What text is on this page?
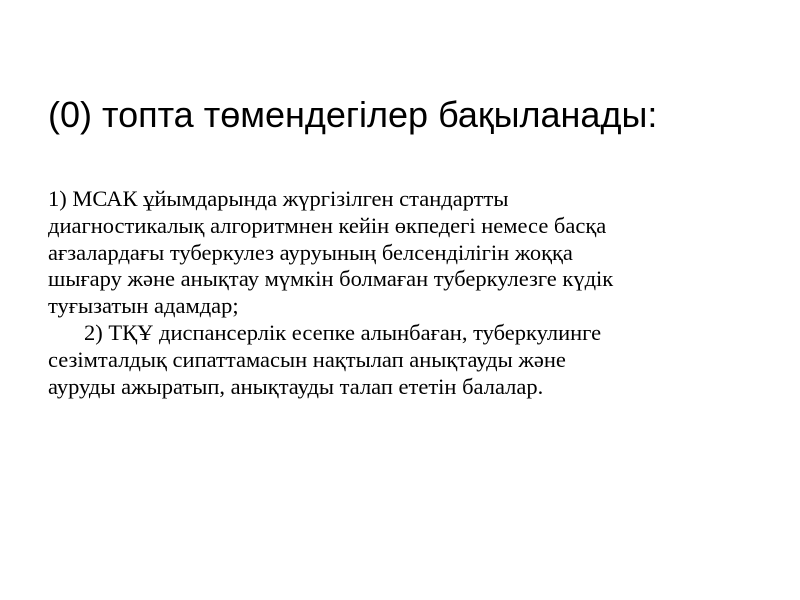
(0) топта төмендегілер бақыланады:
1) МСАК ұйымдарында жүргізілген стандартты
диагностикалық алгоритмнен кейін өкпедегі немесе басқа
ағзалардағы туберкулез ауруының белсенділігін жоққа
шығару және анықтау мүмкін болмаған туберкулезге күдік
туғызатын адамдар;
2) ТҚҰ диспансерлік есепке алынбаған, туберкулинге
сезімталдық сипаттамасын нақтылап анықтауды және
ауруды ажыратып, анықтауды талап ететін балалар.
